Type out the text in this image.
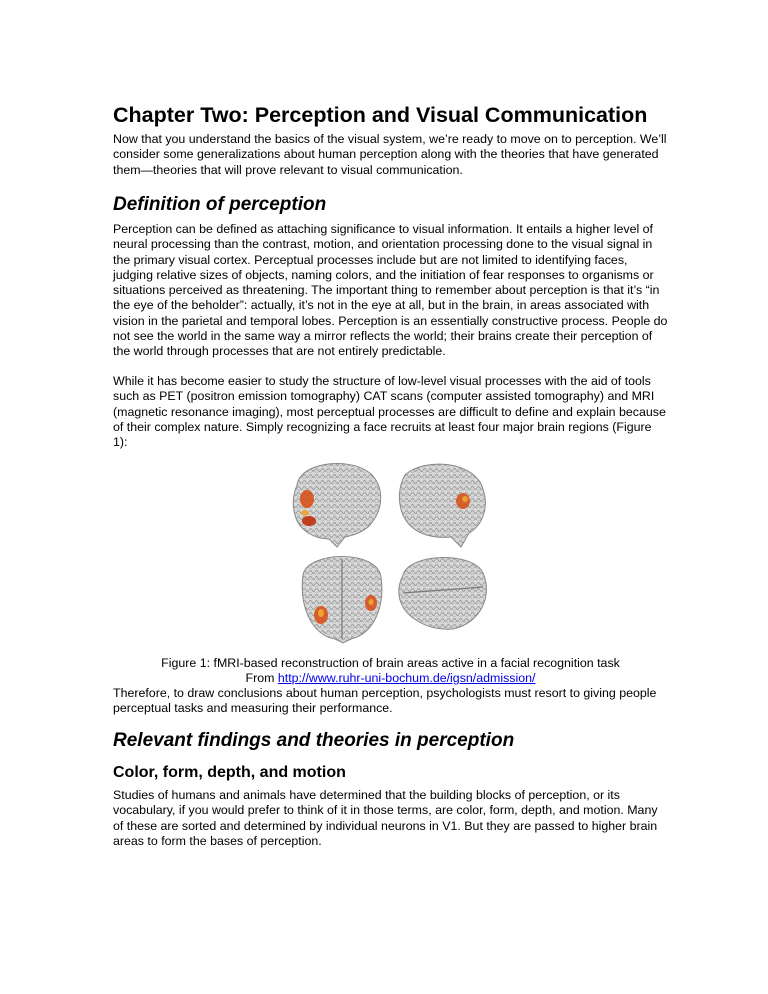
Chapter Two: Perception and Visual Communication

Now that you understand the basics of the visual system, we’re ready to move on to perception. We’ll consider some generalizations about human perception along with the theories that have generated them—theories that will prove relevant to visual communication.

Definition of perception

Perception can be defined as attaching significance to visual information. It entails a higher level of neural processing than the contrast, motion, and orientation processing done to the visual signal in the primary visual cortex. Perceptual processes include but are not limited to identifying faces, judging relative sizes of objects, naming colors, and the initiation of fear responses to organisms or situations perceived as threatening. The important thing to remember about perception is that it’s “in the eye of the beholder”: actually, it’s not in the eye at all, but in the brain, in areas associated with vision in the parietal and temporal lobes. Perception is an essentially constructive process. People do not see the world in the same way a mirror reflects the world; their brains create their perception of the world through processes that are not entirely predictable.

While it has become easier to study the structure of low-level visual processes with the aid of tools such as PET (positron emission tomography) CAT scans (computer assisted tomography) and MRI (magnetic resonance imaging), most perceptual processes are difficult to define and explain because of their complex nature. Simply recognizing a face recruits at least four major brain regions (Figure 1):

Figure 1: fMRI-based reconstruction of brain areas active in a facial recognition task
From http://www.ruhr-uni-bochum.de/igsn/admission/

Therefore, to draw conclusions about human perception, psychologists must resort to giving people perceptual tasks and measuring their performance.

Relevant findings and theories in perception
Color, form, depth, and motion

Studies of humans and animals have determined that the building blocks of perception, or its vocabulary, if you would prefer to think of it in those terms, are color, form, depth, and motion. Many of these are sorted and determined by individual neurons in V1. But they are passed to higher brain areas to form the bases of perception.
